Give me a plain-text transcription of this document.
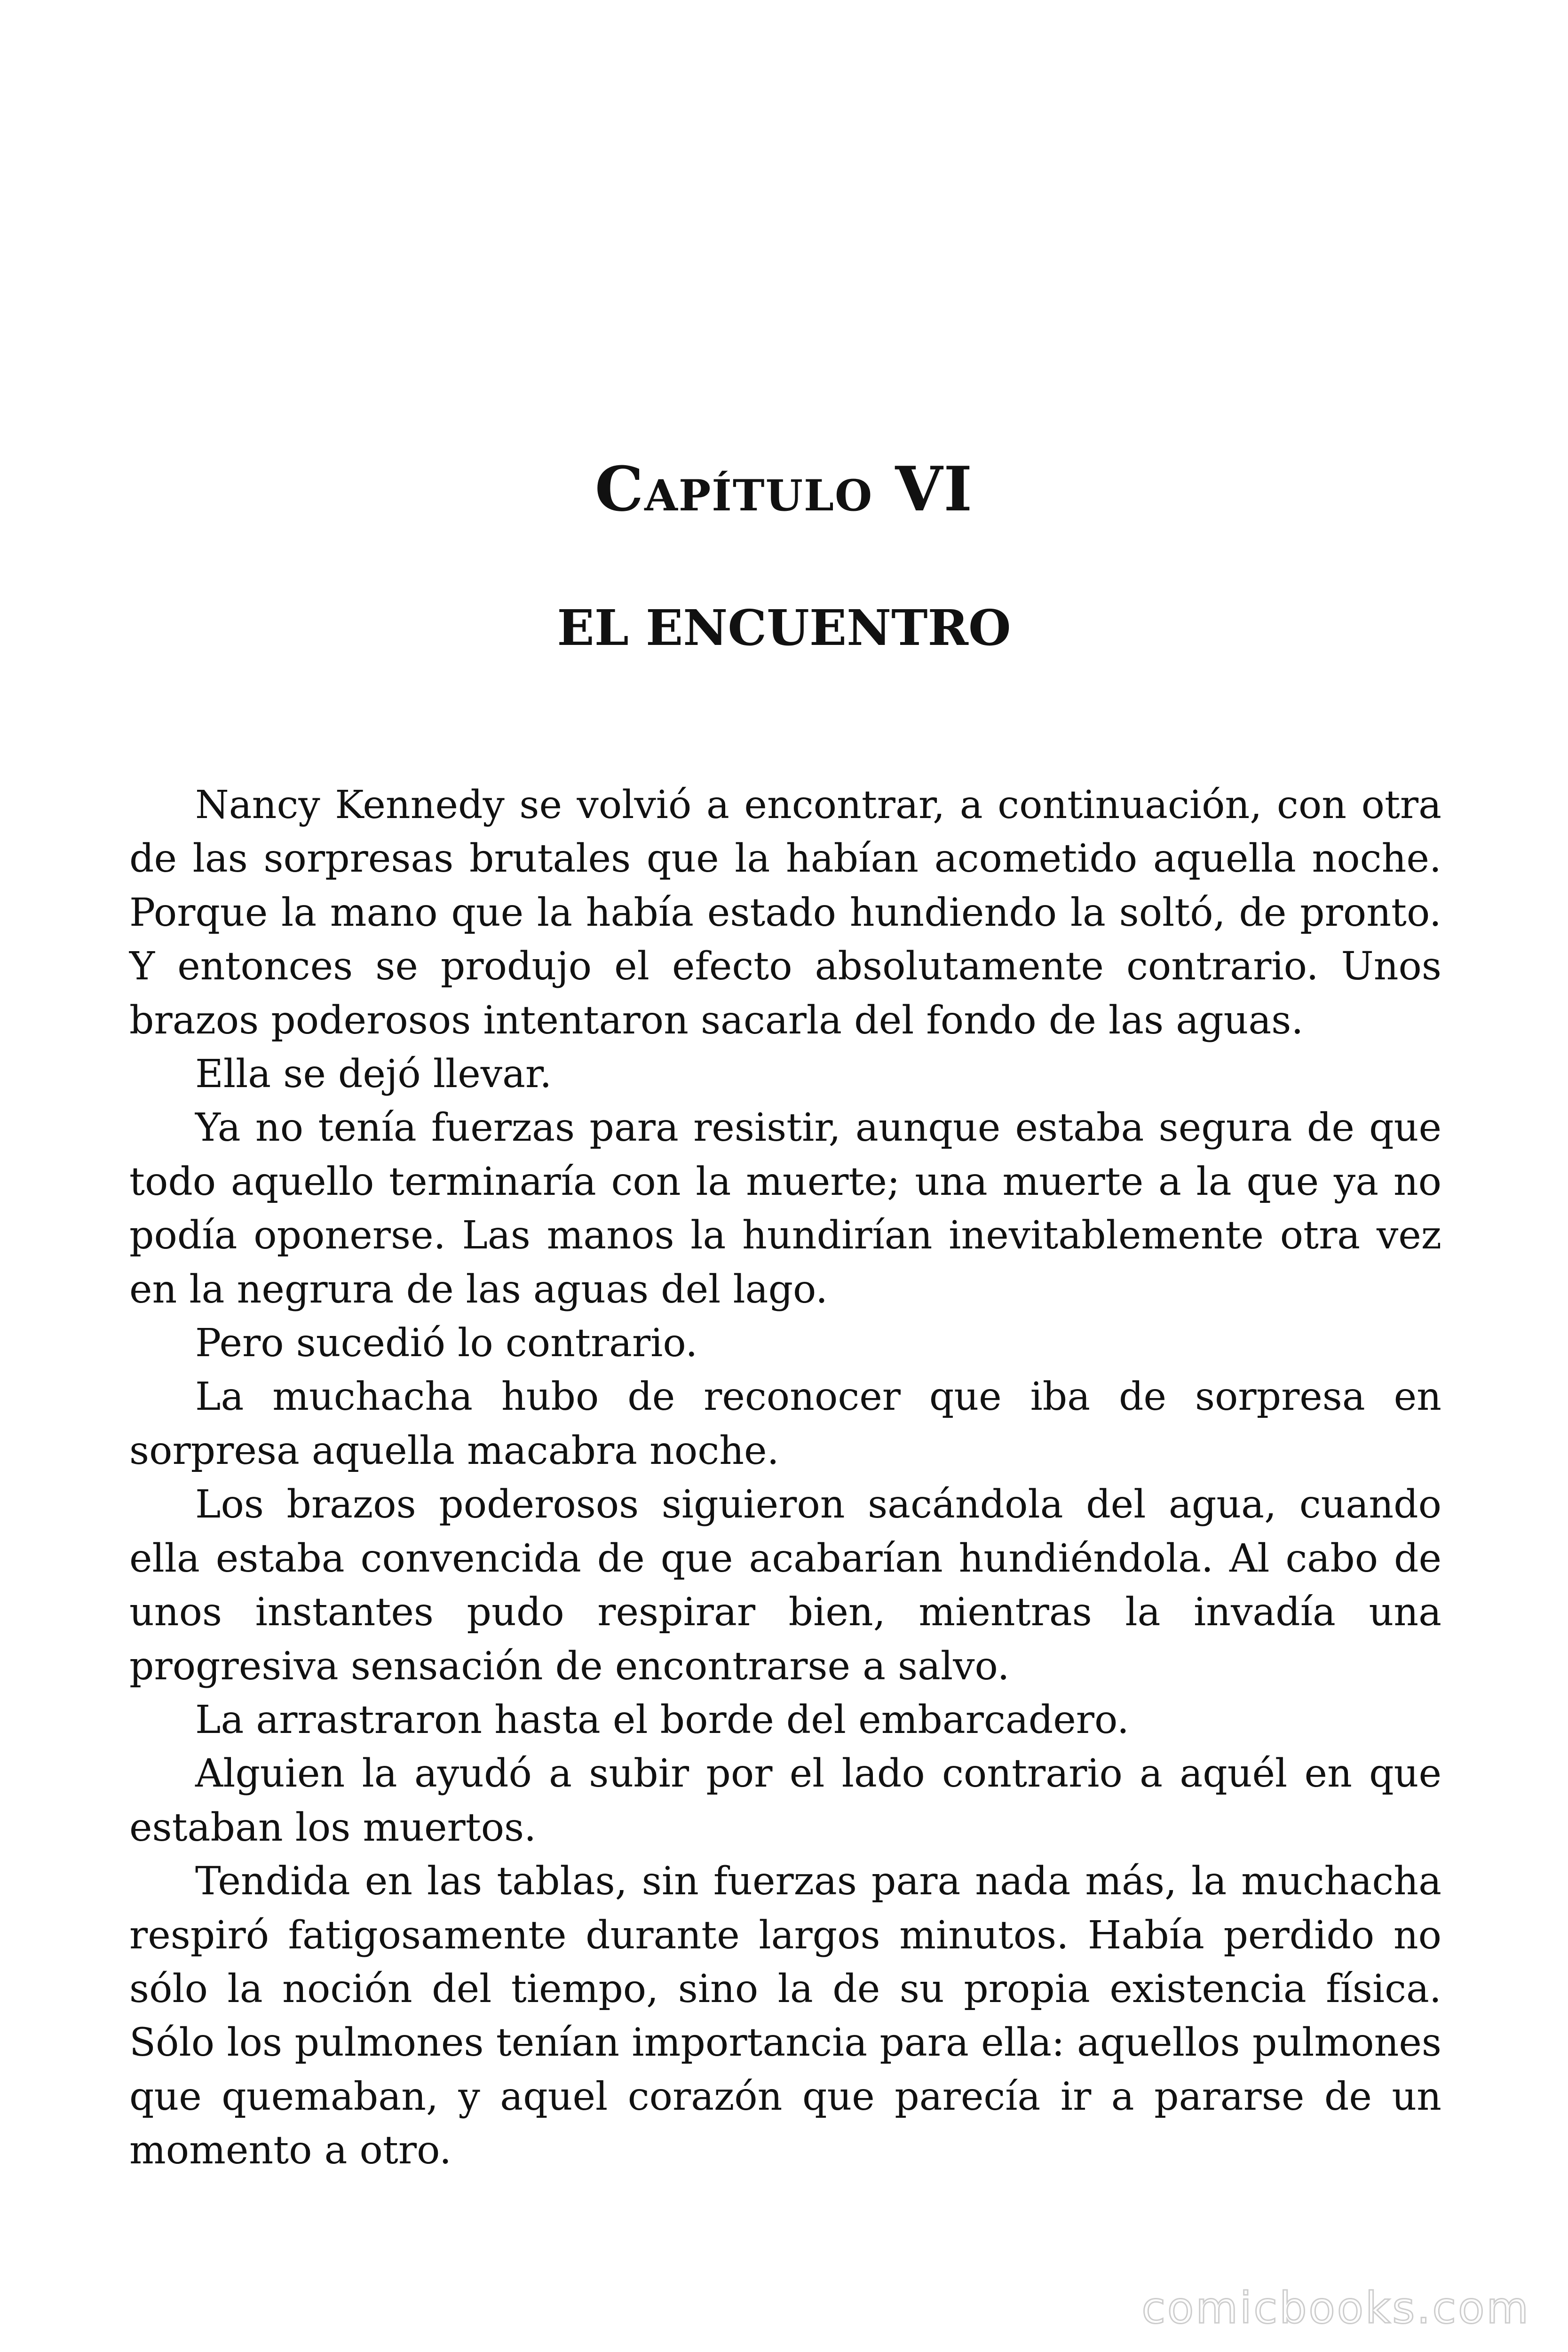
Capítulo VI
EL ENCUENTRO

Nancy Kennedy se volvió a encontrar, a continuación, con otra de las sorpresas brutales que la habían acometido aquella noche. Porque la mano que la había estado hundiendo la soltó, de pronto. Y entonces se produjo el efecto absolutamente contrario. Unos brazos poderosos intentaron sacarla del fondo de las aguas.

Ella se dejó llevar.

Ya no tenía fuerzas para resistir, aunque estaba segura de que todo aquello terminaría con la muerte; una muerte a la que ya no podía oponerse. Las manos la hundirían inevitablemente otra vez en la negrura de las aguas del lago.

Pero sucedió lo contrario.

La muchacha hubo de reconocer que iba de sorpresa en sorpresa aquella macabra noche.

Los brazos poderosos siguieron sacándola del agua, cuando ella estaba convencida de que acabarían hundiéndola. Al cabo de unos instantes pudo respirar bien, mientras la invadía una progresiva sensación de encontrarse a salvo.

La arrastraron hasta el borde del embarcadero.

Alguien la ayudó a subir por el lado contrario a aquél en que estaban los muertos.

Tendida en las tablas, sin fuerzas para nada más, la muchacha respiró fatigosamente durante largos minutos. Había perdido no sólo la noción del tiempo, sino la de su propia existencia física. Sólo los pulmones tenían importancia para ella: aquellos pulmones que quemaban, y aquel corazón que parecía ir a pararse de un momento a otro.

comicbooks.com
